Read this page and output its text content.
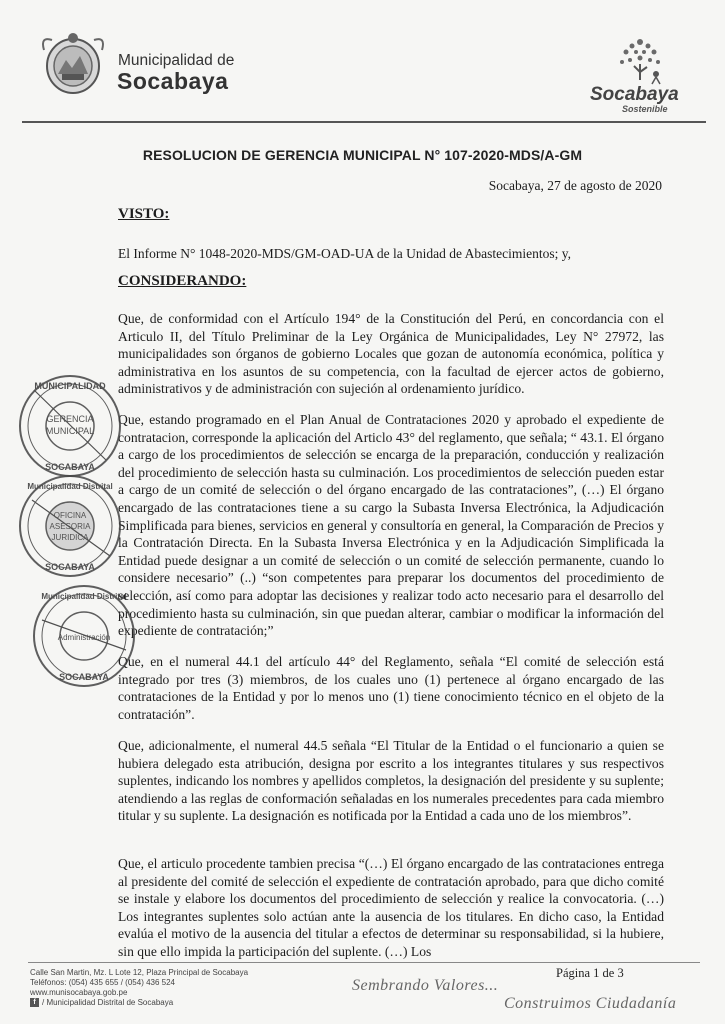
Municipalidad de
Socabaya
Socabaya
Sostenible
RESOLUCION DE GERENCIA MUNICIPAL N° 107-2020-MDS/A-GM
Socabaya, 27 de agosto de 2020
VISTO:
El Informe N° 1048-2020-MDS/GM-OAD-UA de la Unidad de Abastecimientos; y,
CONSIDERANDO:
Que, de conformidad con el Artículo 194° de la Constitución del Perú, en concordancia con el Articulo II, del Título Preliminar de la Ley Orgánica de Municipalidades, Ley N° 27972, las municipalidades son órganos de gobierno Locales que gozan de autonomía económica, política y administrativa en los asuntos de su competencia, con la facultad de ejercer actos de gobierno, administrativos y de administración con sujeción al ordenamiento jurídico.
Que, estando programado en el Plan Anual de Contrataciones 2020 y aprobado el expediente de contratacion, corresponde la aplicación del Articlo 43° del reglamento, que señala; “ 43.1. El órgano a cargo de los procedimientos de selección se encarga de la preparación, conducción y realización del procedimiento de selección hasta su culminación. Los procedimientos de selección pueden estar a cargo de un comité de selección o del órgano encargado de las contrataciones”, (…) El órgano encargado de las contrataciones tiene a su cargo la Subasta Inversa Electrónica, la Adjudicación Simplificada para bienes, servicios en general y consultoría en general, la Comparación de Precios y la Contratación Directa. En la Subasta Inversa Electrónica y en la Adjudicación Simplificada la Entidad puede designar a un comité de selección o un comité de selección permanente, cuando lo considere necesario” (..) “son competentes para preparar los documentos del procedimiento de selección, así como para adoptar las decisiones y realizar todo acto necesario para el desarrollo del procedimiento hasta su culminación, sin que puedan alterar, cambiar o modificar la información del expediente de contratación;”
Que, en el numeral 44.1 del artículo 44° del Reglamento, señala “El comité de selección está integrado por tres (3) miembros, de los cuales uno (1) pertenece al órgano encargado de las contrataciones de la Entidad y por lo menos uno (1) tiene conocimiento técnico en el objeto de la contratación”.
Que, adicionalmente, el numeral 44.5 señala “El Titular de la Entidad o el funcionario a quien se hubiera delegado esta atribución, designa por escrito a los integrantes titulares y sus respectivos suplentes, indicando los nombres y apellidos completos, la designación del presidente y su suplente; atendiendo a las reglas de conformación señaladas en los numerales precedentes para cada miembro titular y su suplente. La designación es notificada por la Entidad a cada uno de los miembros”.
Que, el articulo procedente tambien precisa “(…) El órgano encargado de las contrataciones entrega al presidente del comité de selección el expediente de contratación aprobado, para que dicho comité se instale y elabore los documentos del procedimiento de selección y realice la convocatoria. (…) Los integrantes suplentes solo actúan ante la ausencia de los titulares. En dicho caso, la Entidad evalúa el motivo de la ausencia del titular a efectos de determinar su responsabilidad, si la hubiere, sin que ello impida la participación del suplente. (…) Los
GERENCIA
MUNICIPAL
MUNICIPALIDAD
SOCABAYA
OFICINA
ASESORIA
JURIDICA
Municipalidad Distrital
SOCABAYA
Administración
Municipalidad Distrital
SOCABAYA
Calle San Martin, Mz. L Lote 12, Plaza Principal de Socabaya
Teléfonos: (054) 435 655 / (054) 436 524
www.munisocabaya.gob.pe
f / Municipalidad Distrital de Socabaya
Sembrando Valores...
Construimos Ciudadanía
Página 1 de 3
